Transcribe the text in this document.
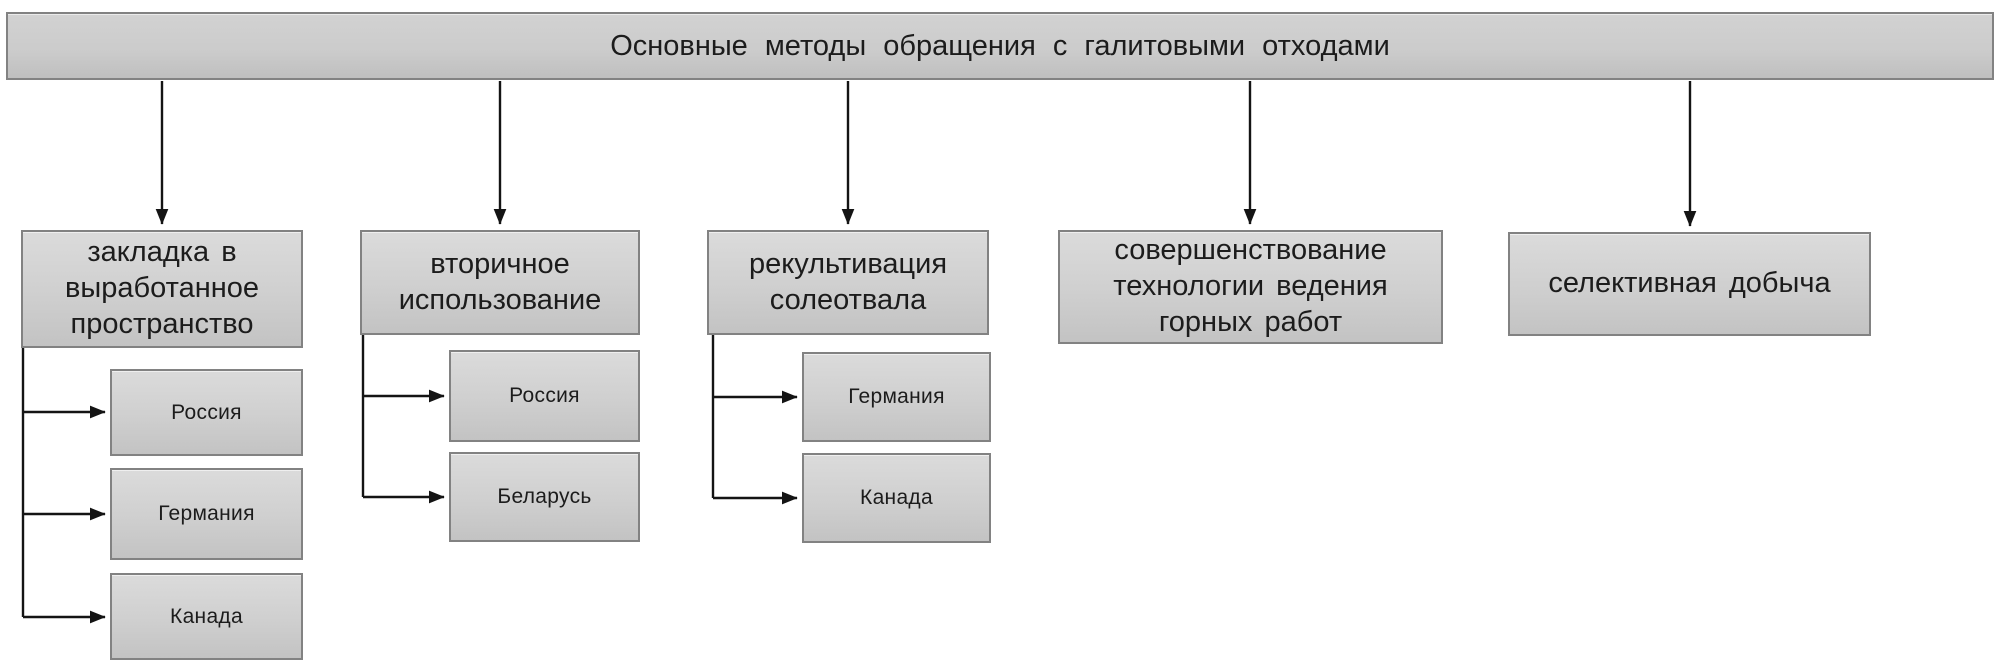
Основные методы обращения с галитовыми отходами
закладка в выработанное пространство
Россия
Германия
Канада
вторичное использование
Россия
Беларусь
рекультивация солеотвала
Германия
Канада
совершенствование технологии ведения горных работ
селективная добыча
